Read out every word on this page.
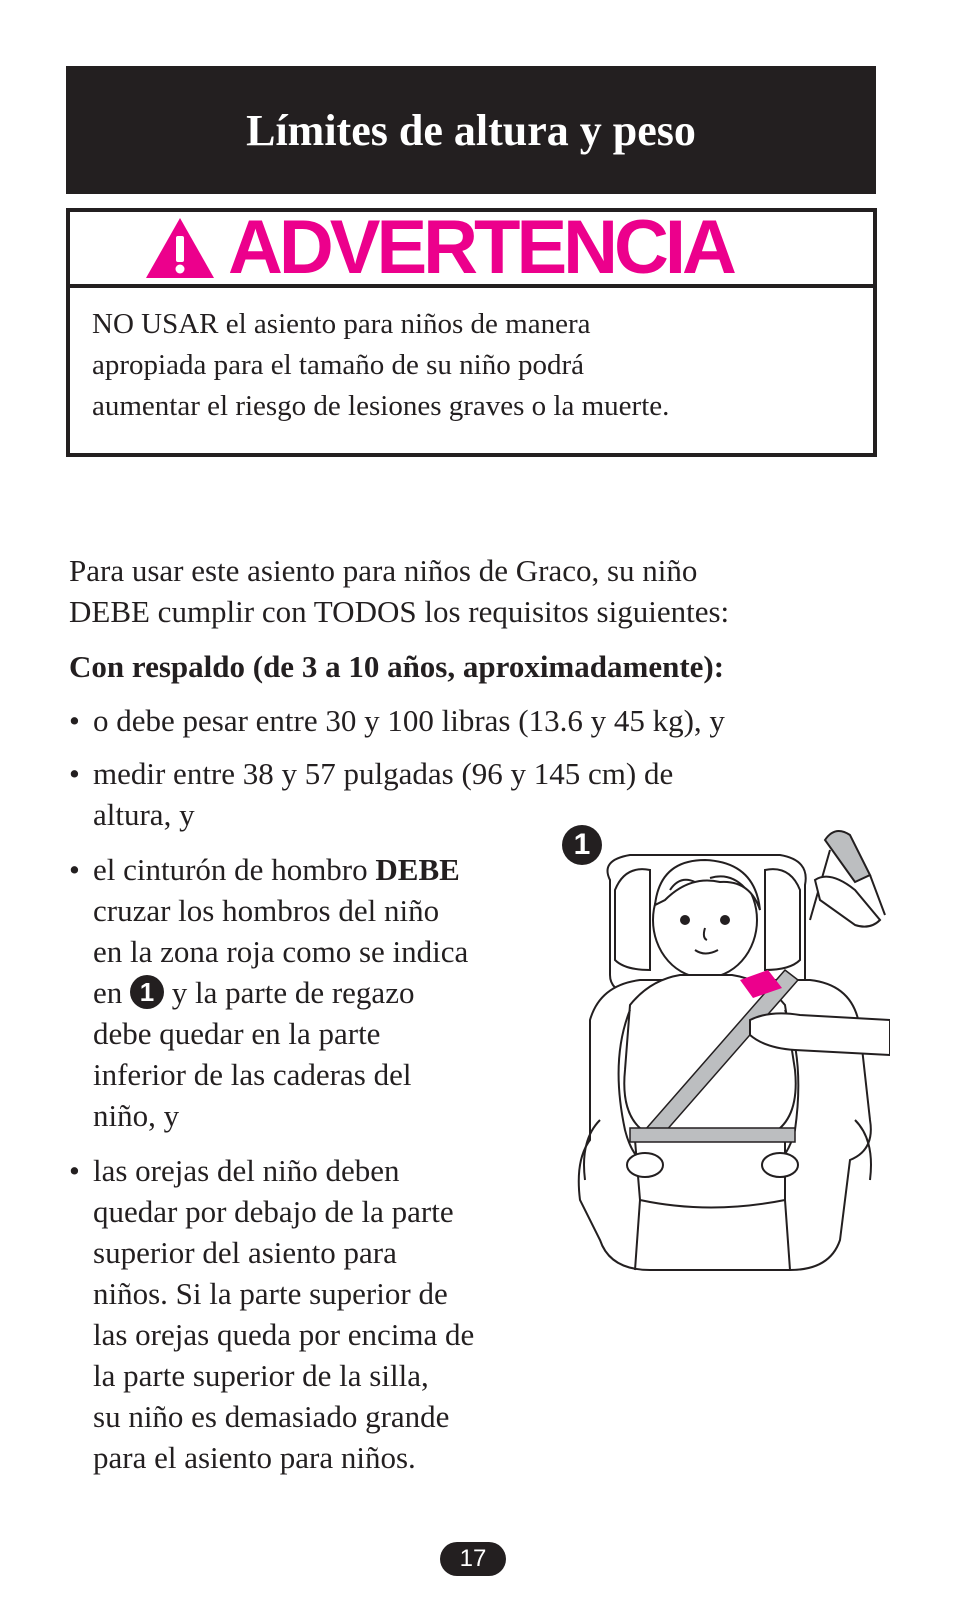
Límites de altura y peso
ADVERTENCIA
NO USAR el asiento para niños de manera
apropiada para el tamaño de su niño podrá
aumentar el riesgo de lesiones graves o la muerte.
Para usar este asiento para niños de Graco, su niño
DEBE cumplir con TODOS los requisitos siguientes:
Con respaldo (de 3 a 10 años, aproximadamente):
• o debe pesar entre 30 y 100 libras (13.6 y 45 kg), y
• medir entre 38 y 57 pulgadas (96 y 145 cm) de
altura, y
• el cinturón de hombro DEBE
cruzar los hombros del niño
en la zona roja como se indica
en 1 y la parte de regazo
debe quedar en la parte
inferior de las caderas del
niño, y
• las orejas del niño deben
quedar por debajo de la parte
superior del asiento para
niños. Si la parte superior de
las orejas queda por encima de
la parte superior de la silla,
su niño es demasiado grande
para el asiento para niños.
1
17
